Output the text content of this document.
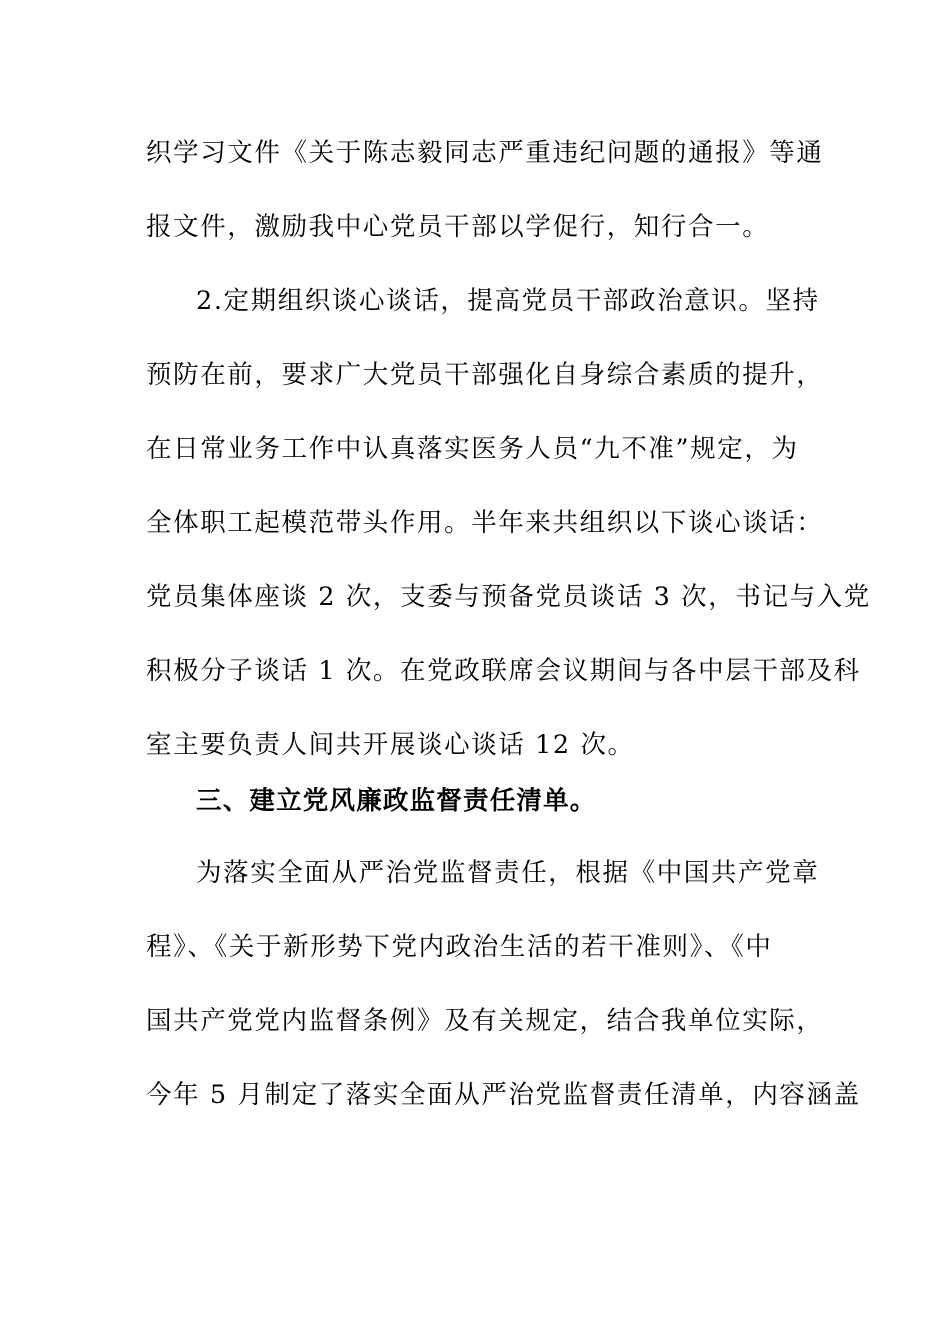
织学习文件《关于陈志毅同志严重违纪问题的通报》等通
报文件，激励我中心党员干部以学促行，知行合一。
2.定期组织谈心谈话，提高党员干部政治意识。坚持
预防在前，要求广大党员干部强化自身综合素质的提升，
在日常业务工作中认真落实医务人员“九不准”规定，为
全体职工起模范带头作用。半年来共组织以下谈心谈话：
党员集体座谈 2 次，支委与预备党员谈话 3 次，书记与入党
积极分子谈话 1 次。在党政联席会议期间与各中层干部及科
室主要负责人间共开展谈心谈话 12 次。
三、建立党风廉政监督责任清单。
为落实全面从严治党监督责任，根据《中国共产党章
程》、《关于新形势下党内政治生活的若干准则》、《中
国共产党党内监督条例》及有关规定，结合我单位实际，
今年 5 月制定了落实全面从严治党监督责任清单，内容涵盖
